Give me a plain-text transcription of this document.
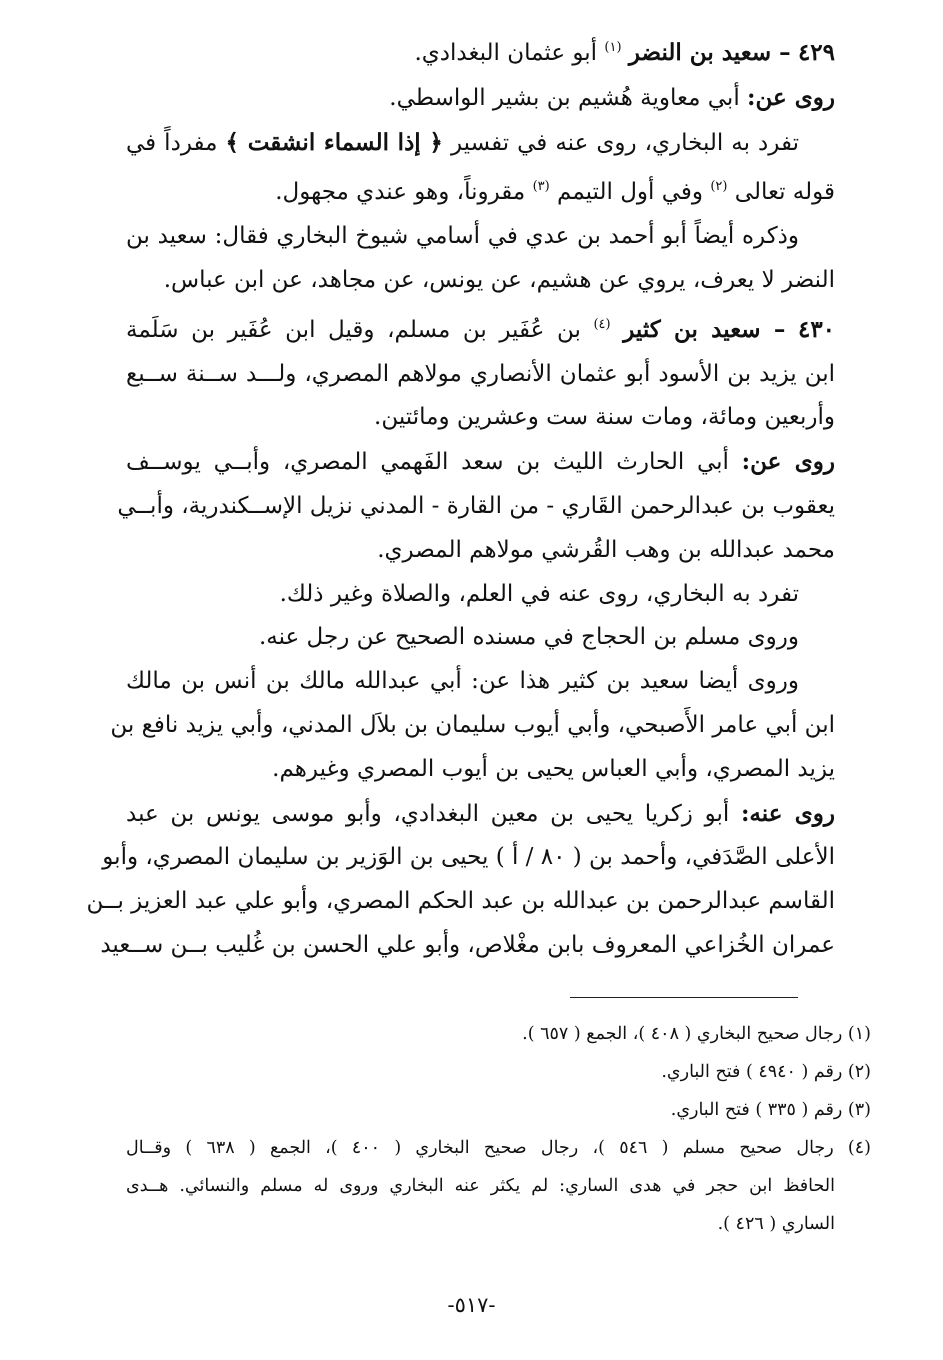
٤٢٩ – سعيد بن النضر $^{(١)}$ أبو عثمان البغدادي.
روى عن: أبي معاوية هُشيم بن بشير الواسطي.
تفرد به البخاري، روى عنه في تفسير ﴿ إذا السماء انشقت ﴾ مفرداً في
قوله تعالى $^{(٢)}$ وفي أول التيمم $^{(٣)}$ مقروناً، وهو عندي مجهول.
وذكره أيضاً أبو أحمد بن عدي في أسامي شيوخ البخاري فقال: سعيد بن
النضر لا يعرف، يروي عن هشيم، عن يونس، عن مجاهد، عن ابن عباس.
٤٣٠ – سعيد بن كثير $^{(٤)}$ بن عُفَير بن مسلم، وقيل ابن عُفَير بن سَلَمة
ابن يزيد بن الأسود أبو عثمان الأنصاري مولاهم المصري، ولـــد ســنة ســبع
وأربعين ومائة، ومات سنة ست وعشرين ومائتين.
روى عن: أبي الحارث الليث بن سعد الفَهمي المصري، وأبــي يوســف
يعقوب بن عبدالرحمن القَاري - من القارة - المدني نزيل الإســكندرية، وأبــي
محمد عبدالله بن وهب القُرشي مولاهم المصري.
تفرد به البخاري، روى عنه في العلم، والصلاة وغير ذلك.
وروى مسلم بن الحجاج في مسنده الصحيح عن رجل عنه.
وروى أيضا سعيد بن كثير هذا عن: أبي عبدالله مالك بن أنس بن مالك
ابن أبي عامر الأَصبحي، وأبي أيوب سليمان بن بلاَل المدني، وأبي يزيد نافع بن
يزيد المصري، وأبي العباس يحيى بن أيوب المصري وغيرهم.
روى عنه: أبو زكريا يحيى بن معين البغدادي، وأبو موسى يونس بن عبد
الأعلى الصَّدَفي، وأحمد بن ( ٨٠ / أ ) يحيى بن الوَزير بن سليمان المصري، وأبو
القاسم عبدالرحمن بن عبدالله بن عبد الحكم المصري، وأبو علي عبد العزيز بــن
عمران الخُزاعي المعروف بابن مغْلاص، وأبو علي الحسن بن غُليب بــن ســعيد
(١) رجال صحيح البخاري ( ٤٠٨ )، الجمع ( ٦٥٧ ).
(٢) رقم ( ٤٩٤٠ ) فتح الباري.
(٣) رقم ( ٣٣٥ ) فتح الباري.
(٤) رجال صحيح مسلم ( ٥٤٦ )، رجال صحيح البخاري ( ٤٠٠ )، الجمع ( ٦٣٨ ) وقــال
الحافظ ابن حجر في هدى الساري: لم يكثر عنه البخاري وروى له مسلم والنسائي. هــدى
الساري ( ٤٢٦ ).
-٥١٧-
